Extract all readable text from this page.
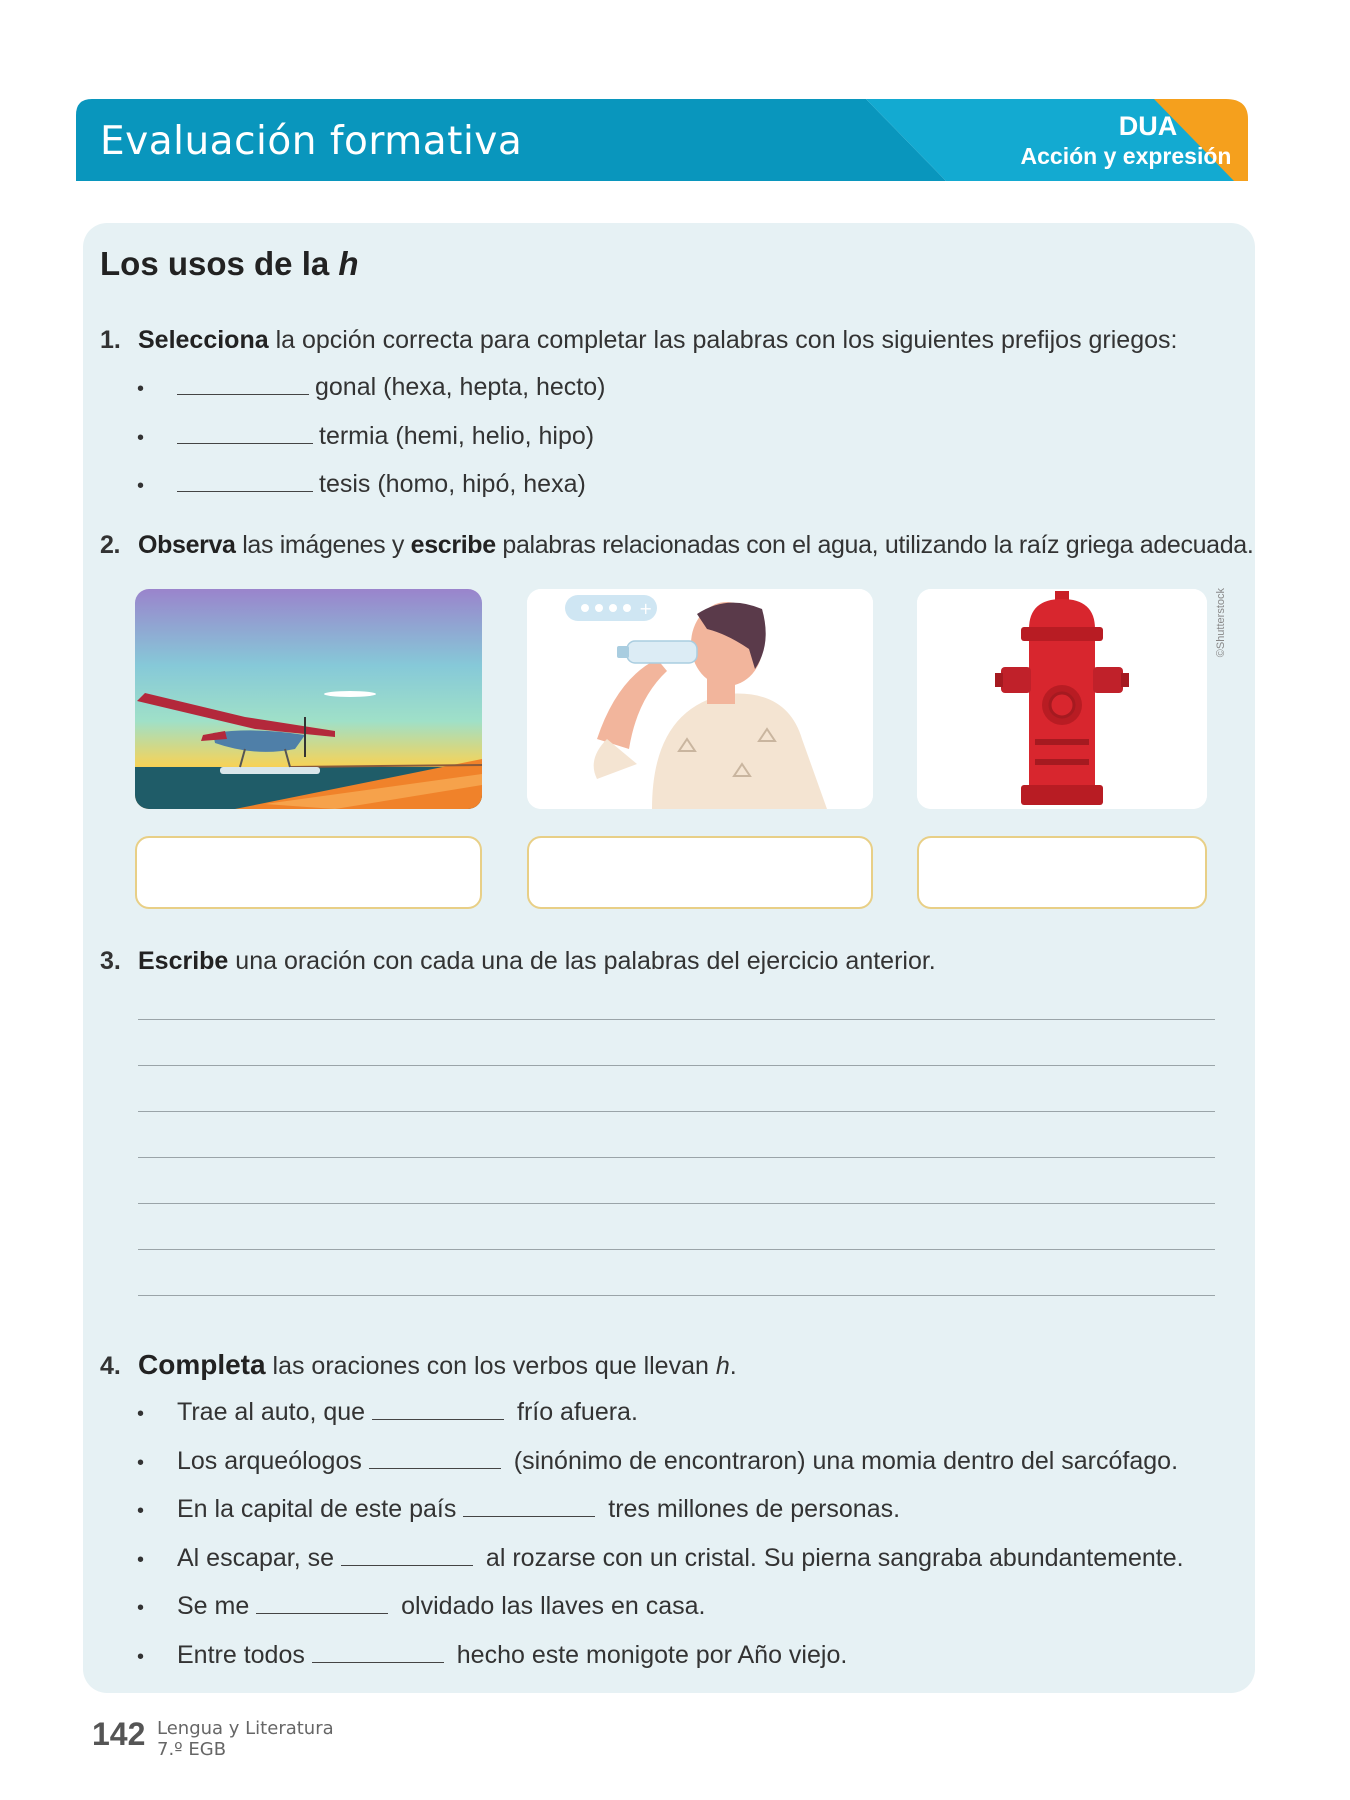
Evaluación formativa	DUA
Acción y expresión
Los usos de la h
1. Selecciona la opción correcta para completar las palabras con los siguientes prefijos griegos:
•	gonal (hexa, hepta, hecto)
•	termia (hemi, helio, hipo)
•	tesis (homo, hipó, hexa)
2. Observa las imágenes y escribe palabras relacionadas con el agua, utilizando la raíz griega adecuada.
+	©Shutterstock
3. Escribe una oración con cada una de las palabras del ejercicio anterior.
4. Completa las oraciones con los verbos que llevan h.
• Trae al auto, que	frío afuera.
• Los arqueólogos	(sinónimo de encontraron) una momia dentro del sarcófago.
• En la capital de este país	tres millones de personas.
• Al escapar, se	al rozarse con un cristal. Su pierna sangraba abundantemente.
• Se me	olvidado las llaves en casa.
• Entre todos	hecho este monigote por Año viejo.
142 Lengua y Literatura
7.º EGB
